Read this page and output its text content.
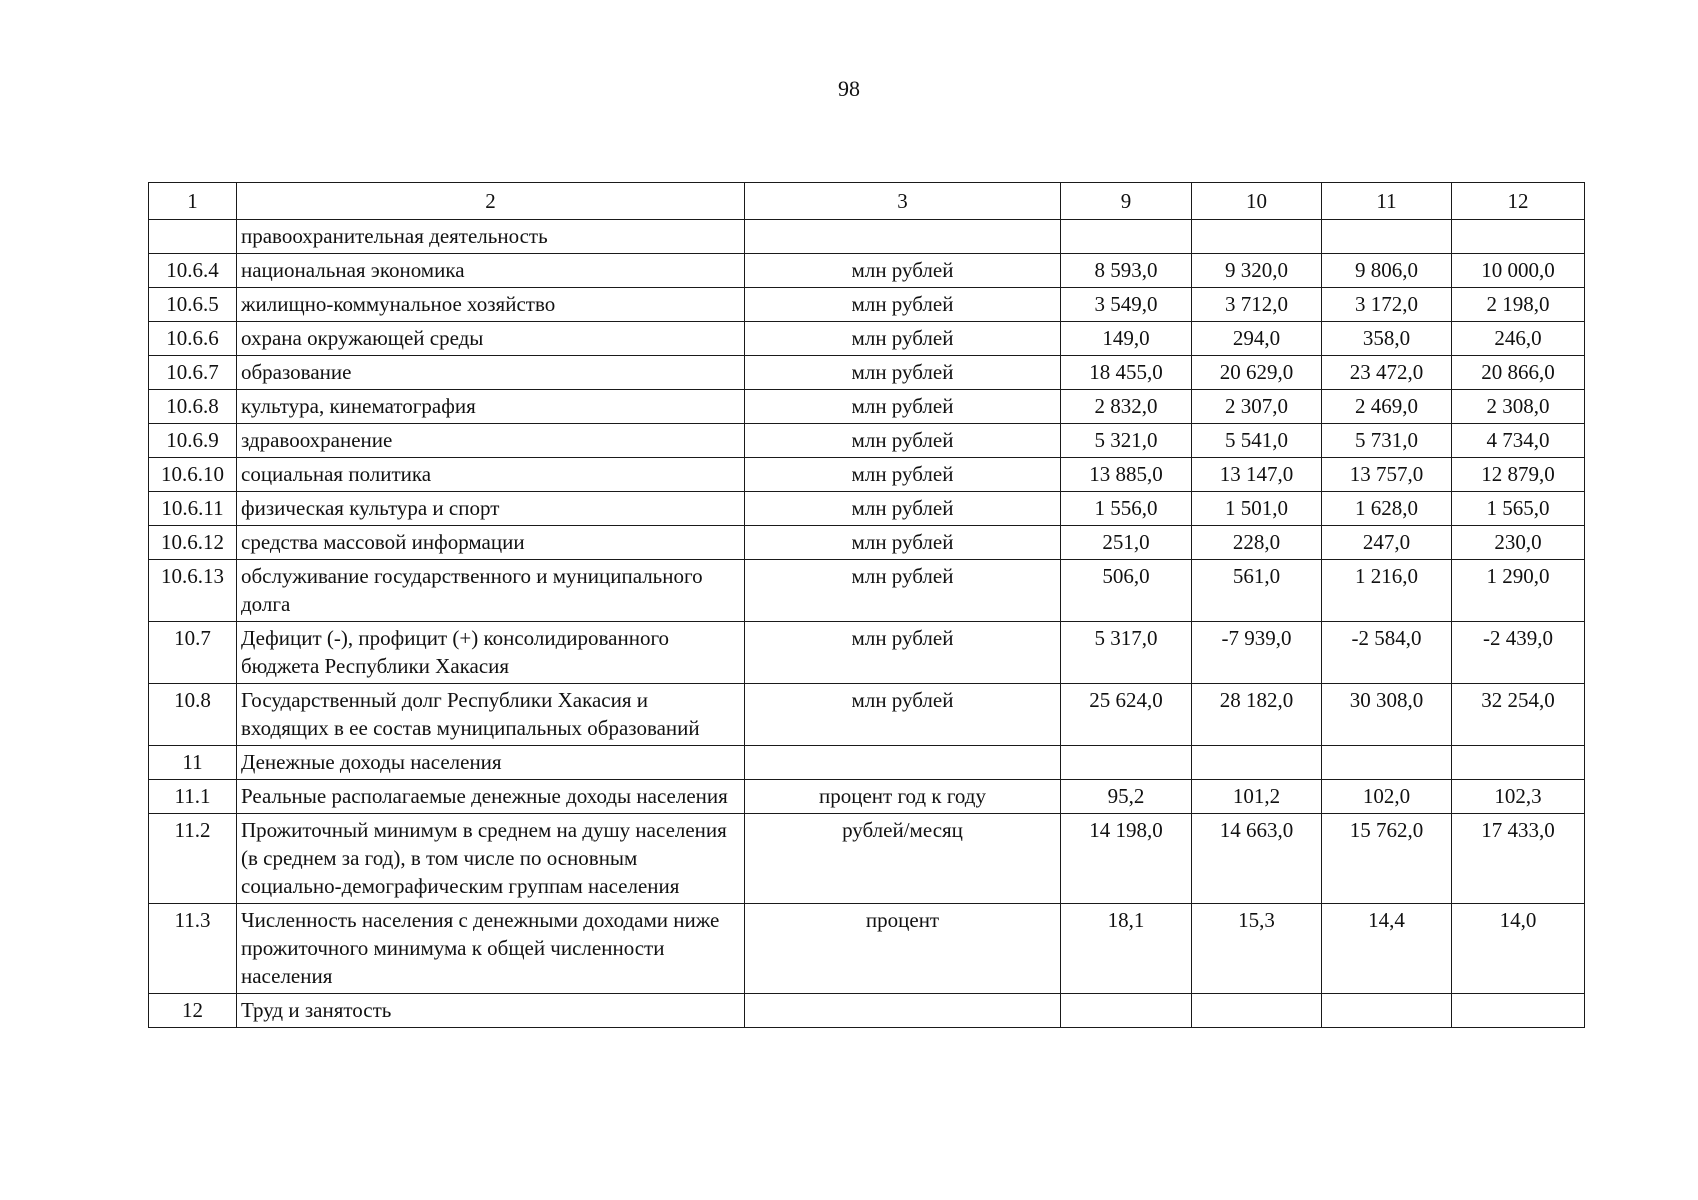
98
1	2	3	9	10	11	12
	правоохранительная деятельность					
10.6.4	национальная экономика	млн рублей	8 593,0	9 320,0	9 806,0	10 000,0
10.6.5	жилищно-коммунальное хозяйство	млн рублей	3 549,0	3 712,0	3 172,0	2 198,0
10.6.6	охрана окружающей среды	млн рублей	149,0	294,0	358,0	246,0
10.6.7	образование	млн рублей	18 455,0	20 629,0	23 472,0	20 866,0
10.6.8	культура, кинематография	млн рублей	2 832,0	2 307,0	2 469,0	2 308,0
10.6.9	здравоохранение	млн рублей	5 321,0	5 541,0	5 731,0	4 734,0
10.6.10	социальная политика	млн рублей	13 885,0	13 147,0	13 757,0	12 879,0
10.6.11	физическая культура и спорт	млн рублей	1 556,0	1 501,0	1 628,0	1 565,0
10.6.12	средства массовой информации	млн рублей	251,0	228,0	247,0	230,0
10.6.13	обслуживание государственного и муниципального долга	млн рублей	506,0	561,0	1 216,0	1 290,0
10.7	Дефицит (-), профицит (+) консолидированного бюджета Республики Хакасия	млн рублей	5 317,0	-7 939,0	-2 584,0	-2 439,0
10.8	Государственный долг Республики Хакасия и входящих в ее состав муниципальных образований	млн рублей	25 624,0	28 182,0	30 308,0	32 254,0
11	Денежные доходы населения					
11.1	Реальные располагаемые денежные доходы населения	процент год к году	95,2	101,2	102,0	102,3
11.2	Прожиточный минимум в среднем на душу населения (в среднем за год), в том числе по основным социально-демографическим группам населения	рублей/месяц	14 198,0	14 663,0	15 762,0	17 433,0
11.3	Численность населения с денежными доходами ниже прожиточного минимума к общей численности населения	процент	18,1	15,3	14,4	14,0
12	Труд и занятость					
